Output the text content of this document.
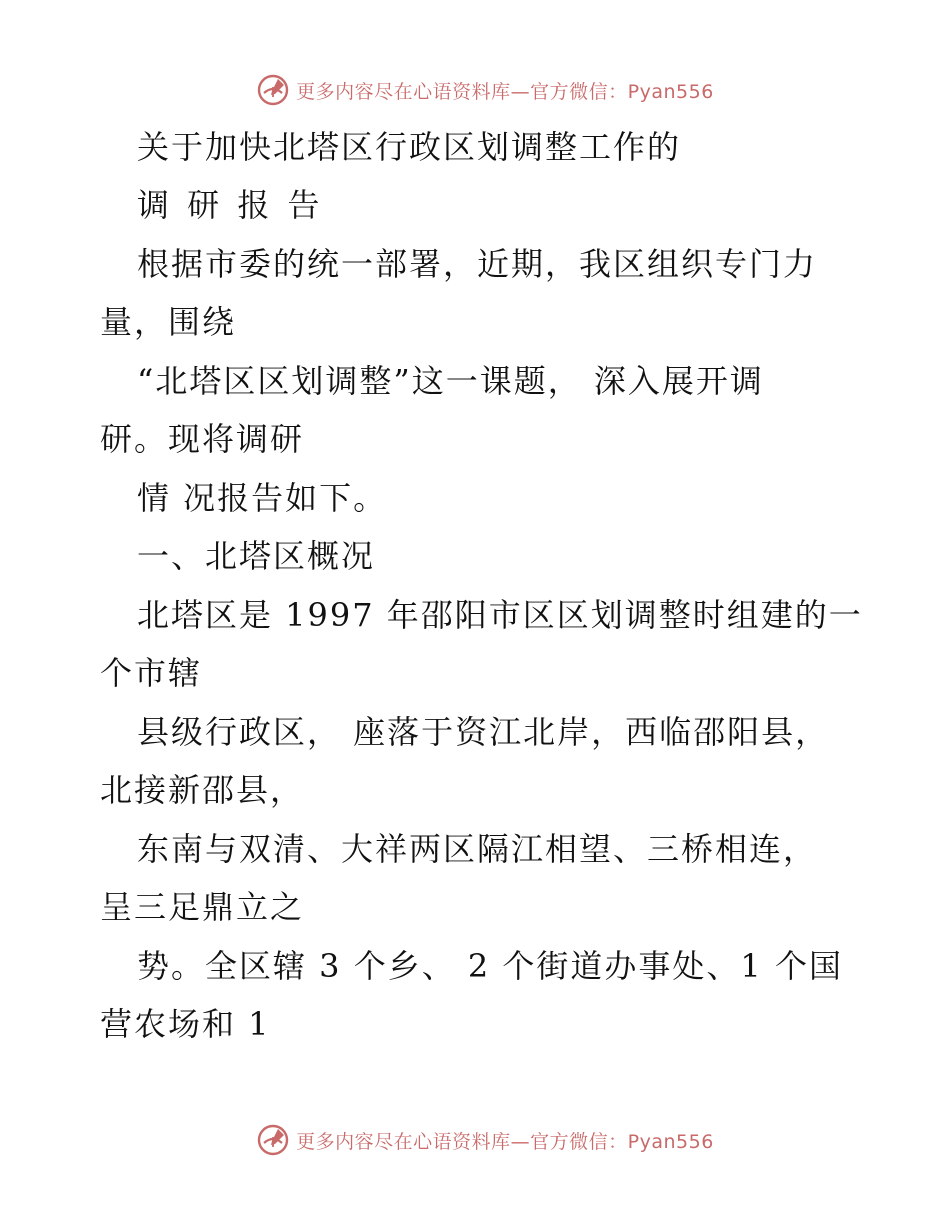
更多内容尽在心语资料库—官方微信：Pyan556
关于加快北塔区行政区划调整工作的
调 研 报 告
根据市委的统一部署，近期，我区组织专门力
量，围绕
“北塔区区划调整”这一课题， 深入展开调
研。现将调研
情 况报告如下。
一、北塔区概况
北塔区是 1997 年邵阳市区区划调整时组建的一
个市辖
县级行政区， 座落于资江北岸，西临邵阳县，
北接新邵县，
东南与双清、大祥两区隔江相望、三桥相连，
呈三足鼎立之
势。全区辖 3 个乡、 2 个街道办事处、1 个国
营农场和 1
更多内容尽在心语资料库—官方微信：Pyan556
